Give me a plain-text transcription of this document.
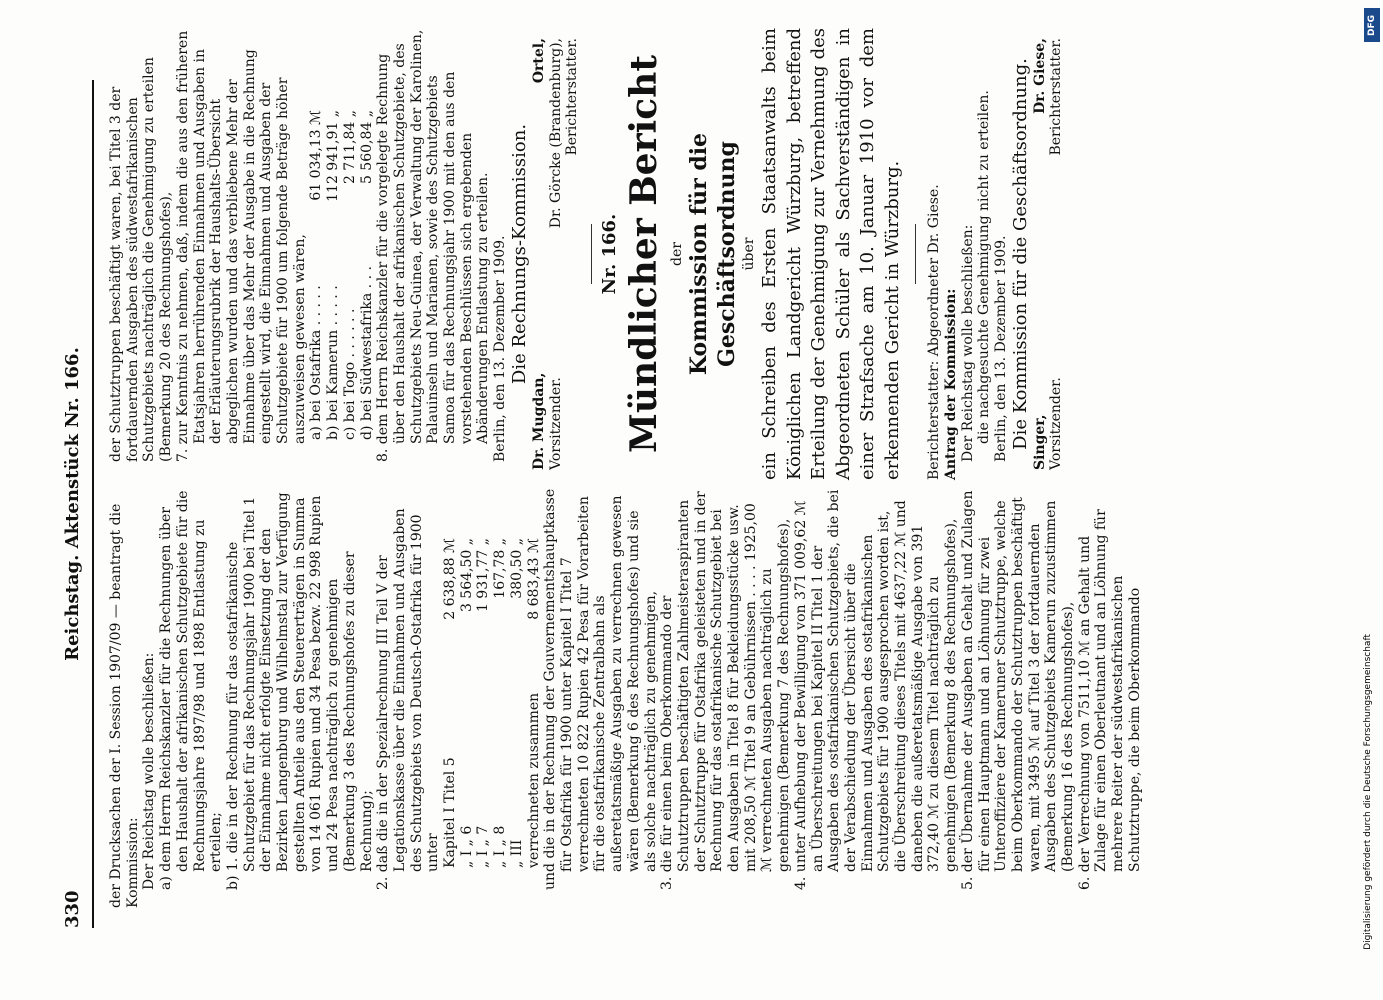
330
Reichstag. Aktenstück Nr. 166. der Drucksachen der I. Session 1907/09 — beantragt die Kommission: Der Reichstag wolle beschließen: a) dem Herrn Reichskanzler für die Rechnungen über den Haushalt der afrikanischen Schutzgebiete für die Rechnungsjahre 1897/98 und 1898 Entlastung zu erteilen; b) 1. die in der Rechnung für das ostafrikanische Schutzgebiet für das Rechnungsjahr 1900 bei Titel 1 der Einnahme nicht erfolgte Einsetzung der den Bezirken Langenburg und Wilhelmstal zur Verfügung gestellten Anteile aus den Steuererträgen in Summa von 14 061 Rupien und 34 Pesa bezw. 22 998 Rupien und 24 Pesa nachträglich zu genehmigen (Bemerkung 3 des Rechnungshofes zu dieser Rechnung); 2. daß die in der Spezialrechnung III Teil V der Legationskasse über die Einnahmen und Ausgaben des Schutzgebiets von Deutsch-Ostafrika für 1900 unter Kapitel I Titel 5
2 638,88 ℳ
„ I „ 6
3 564,50 „
„ I „ 7
1 931,77 „
„ I „ 8
167,78 „
„ III
380,50 „
verrechneten zusammen
8 683,43 ℳ und die in der Rechnung der Gouvernementshauptkasse für Ostafrika für 1900 unter Kapitel I Titel 7 verrechneten 10 822 Rupien 42 Pesa für Vorarbeiten für die ostafrikanische Zentralbahn als außeretatsmäßige Ausgaben zu verrechnen gewesen wären (Bemerkung 6 des Rechnungshofes) und sie als solche nachträglich zu genehmigen, 3. die für einen beim Oberkommando der Schutztruppen beschäftigten Zahlmeisteraspiranten der Schutztruppe für Ostafrika geleisteten und in der Rechnung für das ostafrikanische Schutzgebiet bei den Ausgaben in Titel 8 für Bekleidungsstücke usw. mit 208,50 ℳ Titel 9 an Gebührnissen . . . . 1925,00 ℳ verrechneten Ausgaben nachträglich zu genehmigen (Bemerkung 7 des Rechnungshofes), 4. unter Aufhebung der Bewilligung von 371 009,62 ℳ an Überschreitungen bei Kapitel II Titel 1 der Ausgaben des ostafrikanischen Schutzgebiets, die bei der Verabschiedung der Übersicht über die Einnahmen und Ausgaben des ostafrikanischen Schutzgebiets für 1900 ausgesprochen worden ist, die Überschreitung dieses Titels mit 4637,22 ℳ und daneben die außeretatsmäßige Ausgabe von 391 372,40 ℳ zu diesem Titel nachträglich zu genehmigen (Bemerkung 8 des Rechnungshofes), 5. der Übernahme der Ausgaben an Gehalt und Zulagen für einen Hauptmann und an Löhnung für zwei Unteroffiziere der Kameruner Schutztruppe, welche beim Oberkommando der Schutztruppen beschäftigt waren, mit 3495 ℳ auf Titel 3 der fortdauernden Ausgaben des Schutzgebiets Kamerun zuzustimmen (Bemerkung 16 des Rechnungshofes), 6. der Verrechnung von 7511,10 ℳ an Gehalt und Zulage für einen Oberleutnant und an Löhnung für mehrere Reiter der südwestafrikanischen Schutztruppe, die beim Oberkommando

der Schutztruppen beschäftigt waren, bei Titel 3 der fortdauernden Ausgaben des südwestafrikanischen Schutzgebiets nachträglich die Genehmigung zu erteilen (Bemerkung 20 des Rechnungshofes), 7. zur Kenntnis zu nehmen, daß, indem die aus den früheren Etatsjahren herrührenden Einnahmen und Ausgaben in der Erläuterungsrubrik der Haushalts-Übersicht abgeglichen wurden und das verbliebene Mehr der Einnahme über das Mehr der Ausgabe in die Rechnung eingestellt wird, die Einnahmen und Ausgaben der Schutzgebiete für 1900 um folgende Beträge höher auszuweisen gewesen wären, a) bei Ostafrika . . . . .
61 034,13 ℳ
b) bei Kamerun . . . . .
112 941,91 „
c) bei Togo . . . . . .
2 711,84 „
d) bei Südwestafrika . . .
5 560,84 „ 8. dem Herrn Reichskanzler für die vorgelegte Rechnung über den Haushalt der afrikanischen Schutzgebiete, des Schutzgebiets Neu-Guinea, der Verwaltung der Karolinen, Palauinseln und Marianen, sowie des Schutzgebiets Samoa für das Rechnungsjahr 1900 mit den aus den vorstehenden Beschlüssen sich ergebenden Abänderungen Entlastung zu erteilen. Berlin, den 13. Dezember 1909. Die Rechnungs-Kommission.

Dr. Mugdan, Vorsitzender.
Ortel, Dr. Görcke (Brandenburg), Berichterstatter.
Nr. 166. Mündlicher Bericht der Kommission für die Geschäftsordnung über ein Schreiben des Ersten Staatsanwalts beim Königlichen Landgericht Würzburg, betreffend Erteilung der Genehmigung zur Vernehmung des Abgeordneten Schüler als Sachverständigen in einer Strafsache am 10. Januar 1910 vor dem erkennenden Gericht in Würzburg. Berichterstatter: Abgeordneter Dr. Giese. Antrag der Kommission: Der Reichstag wolle beschließen: die nachgesuchte Genehmigung nicht zu erteilen. Berlin, den 13. Dezember 1909. Die Kommission für die Geschäftsordnung. Singer, Vorsitzender.
Dr. Giese, Berichterstatter.
Digitalisierung gefördert durch die Deutsche Forschungsgemeinschaft
DFG
